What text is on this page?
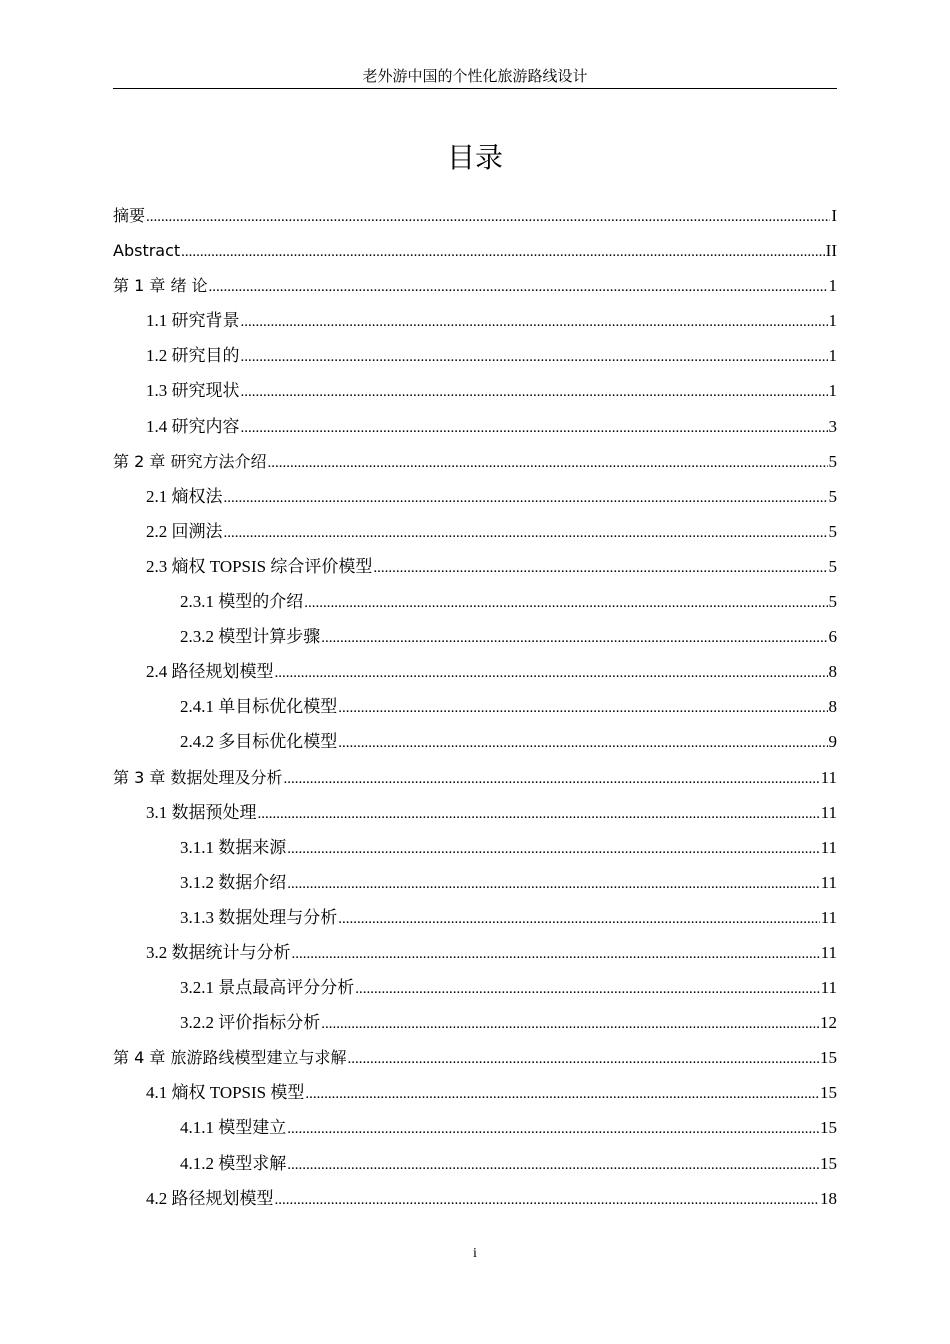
老外游中国的个性化旅游路线设计
目录
摘要 .....	I
Abstract .....	II
第 1 章 绪 论 .....	1
1.1 研究背景 .....	1
1.2 研究目的 .....	1
1.3 研究现状 .....	1
1.4 研究内容 .....	3
第 2 章 研究方法介绍 .....	5
2.1 熵权法 .....	5
2.2 回溯法 .....	5
2.3 熵权 TOPSIS 综合评价模型 .....	5
2.3.1 模型的介绍 .....	5
2.3.2 模型计算步骤 .....	6
2.4 路径规划模型 .....	8
2.4.1 单目标优化模型 .....	8
2.4.2 多目标优化模型 .....	9
第 3 章 数据处理及分析 .....	11
3.1 数据预处理 .....	11
3.1.1 数据来源 .....	11
3.1.2 数据介绍 .....	11
3.1.3 数据处理与分析 .....	11
3.2 数据统计与分析 .....	11
3.2.1 景点最高评分分析 .....	11
3.2.2 评价指标分析 .....	12
第 4 章 旅游路线模型建立与求解 .....	15
4.1 熵权 TOPSIS 模型 .....	15
4.1.1 模型建立 .....	15
4.1.2 模型求解 .....	15
4.2 路径规划模型 .....	18
i
